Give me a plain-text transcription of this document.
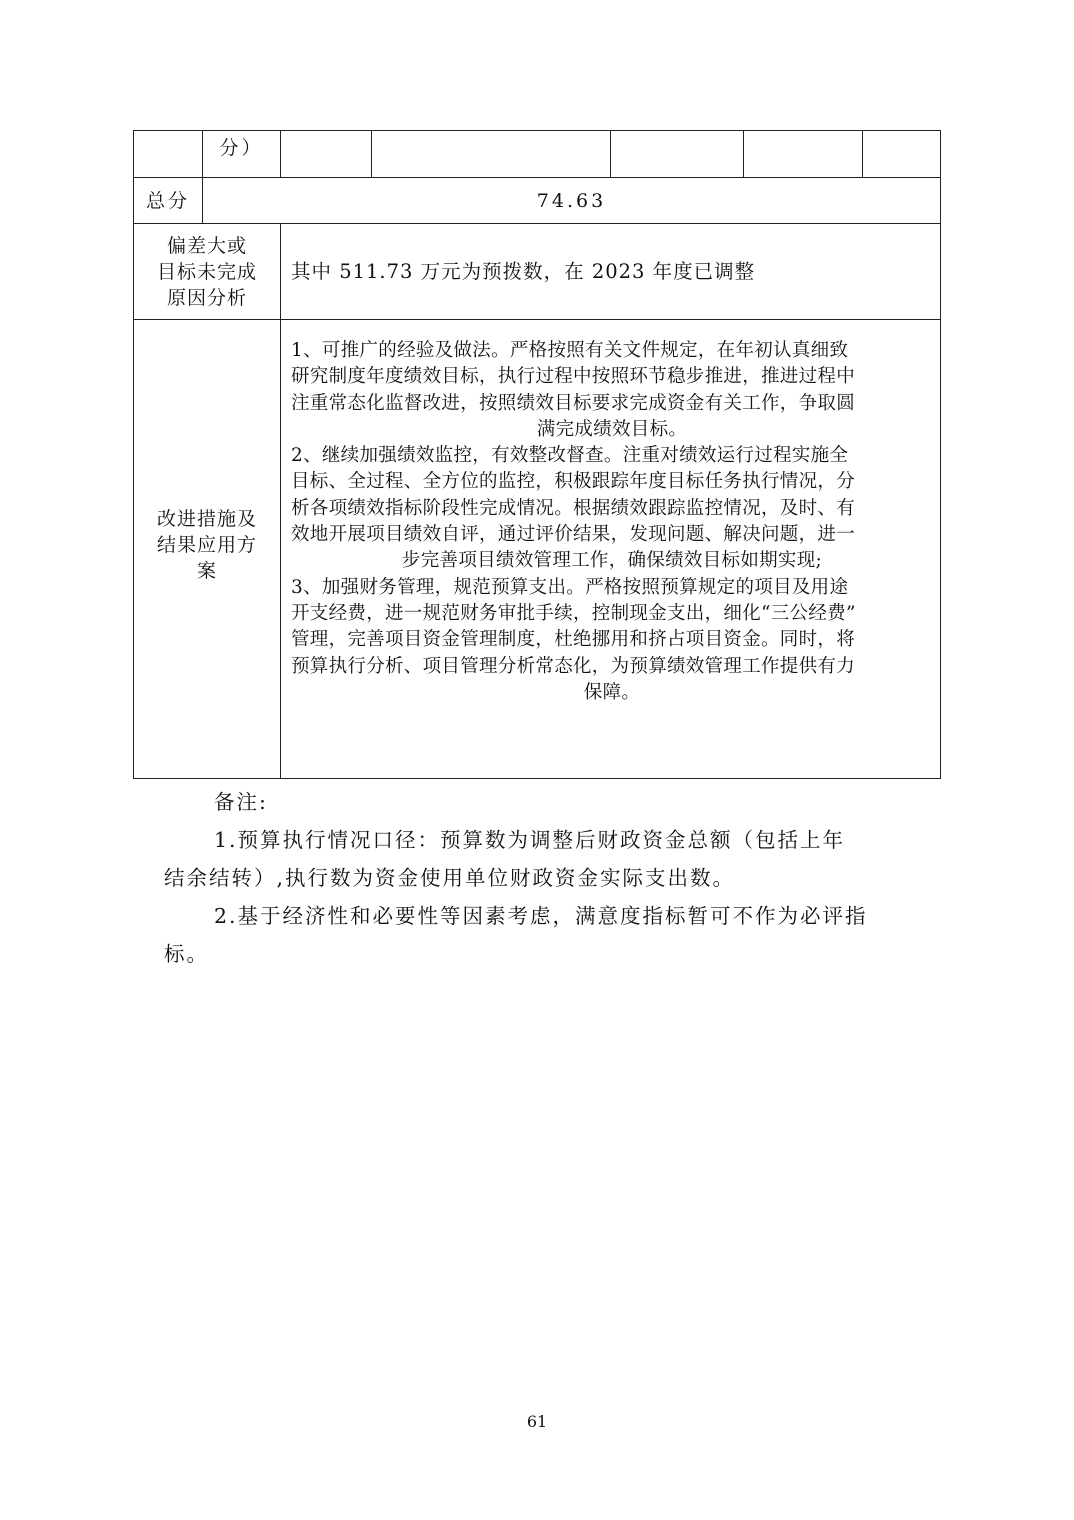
分）
总分	74.63
偏差大或
目标未完成
原因分析
其中 511.73 万元为预拨数，在 2023 年度已调整
改进措施及
结果应用方
案
1、可推广的经验及做法。严格按照有关文件规定，在年初认真细致
研究制度年度绩效目标，执行过程中按照环节稳步推进，推进过程中
注重常态化监督改进，按照绩效目标要求完成资金有关工作，争取圆
满完成绩效目标。
2、继续加强绩效监控，有效整改督查。注重对绩效运行过程实施全
目标、全过程、全方位的监控，积极跟踪年度目标任务执行情况，分
析各项绩效指标阶段性完成情况。根据绩效跟踪监控情况，及时、有
效地开展项目绩效自评，通过评价结果，发现问题、解决问题，进一
步完善项目绩效管理工作，确保绩效目标如期实现;
3、加强财务管理，规范预算支出。严格按照预算规定的项目及用途
开支经费，进一规范财务审批手续，控制现金支出，细化“三公经费”
管理，完善项目资金管理制度，杜绝挪用和挤占项目资金。同时，将
预算执行分析、项目管理分析常态化，为预算绩效管理工作提供有力
保障。

备注:

1.预算执行情况口径：预算数为调整后财政资金总额（包括上年

结余结转）,执行数为资金使用单位财政资金实际支出数。

2.基于经济性和必要性等因素考虑，满意度指标暂可不作为必评指

标。

61
